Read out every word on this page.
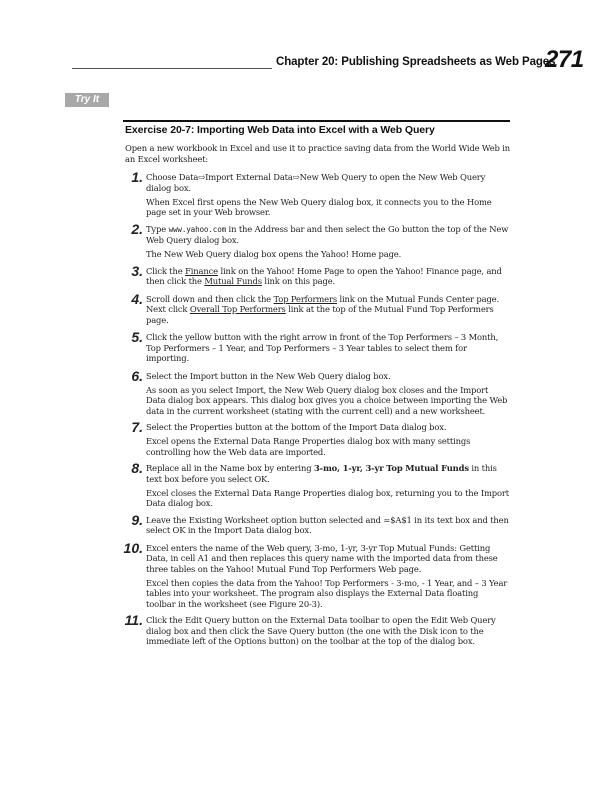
Chapter 20: Publishing Spreadsheets as Web Pages
271
Try It
Exercise 20-7: Importing Web Data into Excel with a Web Query
Open a new workbook in Excel and use it to practice saving data from the World Wide Web in an Excel worksheet:
1. Choose Data⇨Import External Data⇨New Web Query to open the New Web Query dialog box.
When Excel first opens the New Web Query dialog box, it connects you to the Home page set in your Web browser.
2. Type www.yahoo.com in the Address bar and then select the Go button the top of the New Web Query dialog box.
The New Web Query dialog box opens the Yahoo! Home page.
3. Click the Finance link on the Yahoo! Home Page to open the Yahoo! Finance page, and then click the Mutual Funds link on this page.
4. Scroll down and then click the Top Performers link on the Mutual Funds Center page. Next click Overall Top Performers link at the top of the Mutual Fund Top Performers page.
5. Click the yellow button with the right arrow in front of the Top Performers – 3 Month, Top Performers – 1 Year, and Top Performers – 3 Year tables to select them for importing.
6. Select the Import button in the New Web Query dialog box.
As soon as you select Import, the New Web Query dialog box closes and the Import Data dialog box appears. This dialog box gives you a choice between importing the Web data in the current worksheet (stating with the current cell) and a new worksheet.
7. Select the Properties button at the bottom of the Import Data dialog box.
Excel opens the External Data Range Properties dialog box with many settings controlling how the Web data are imported.
8. Replace all in the Name box by entering 3-mo, 1-yr, 3-yr Top Mutual Funds in this text box before you select OK.
Excel closes the External Data Range Properties dialog box, returning you to the Import Data dialog box.
9. Leave the Existing Worksheet option button selected and =$A$1 in its text box and then select OK in the Import Data dialog box.
10. Excel enters the name of the Web query, 3-mo, 1-yr, 3-yr Top Mutual Funds: Getting Data, in cell A1 and then replaces this query name with the imported data from these three tables on the Yahoo! Mutual Fund Top Performers Web page.
Excel then copies the data from the Yahoo! Top Performers - 3-mo, - 1 Year, and – 3 Year tables into your worksheet. The program also displays the External Data floating toolbar in the worksheet (see Figure 20-3).
11. Click the Edit Query button on the External Data toolbar to open the Edit Web Query dialog box and then click the Save Query button (the one with the Disk icon to the immediate left of the Options button) on the toolbar at the top of the dialog box.
